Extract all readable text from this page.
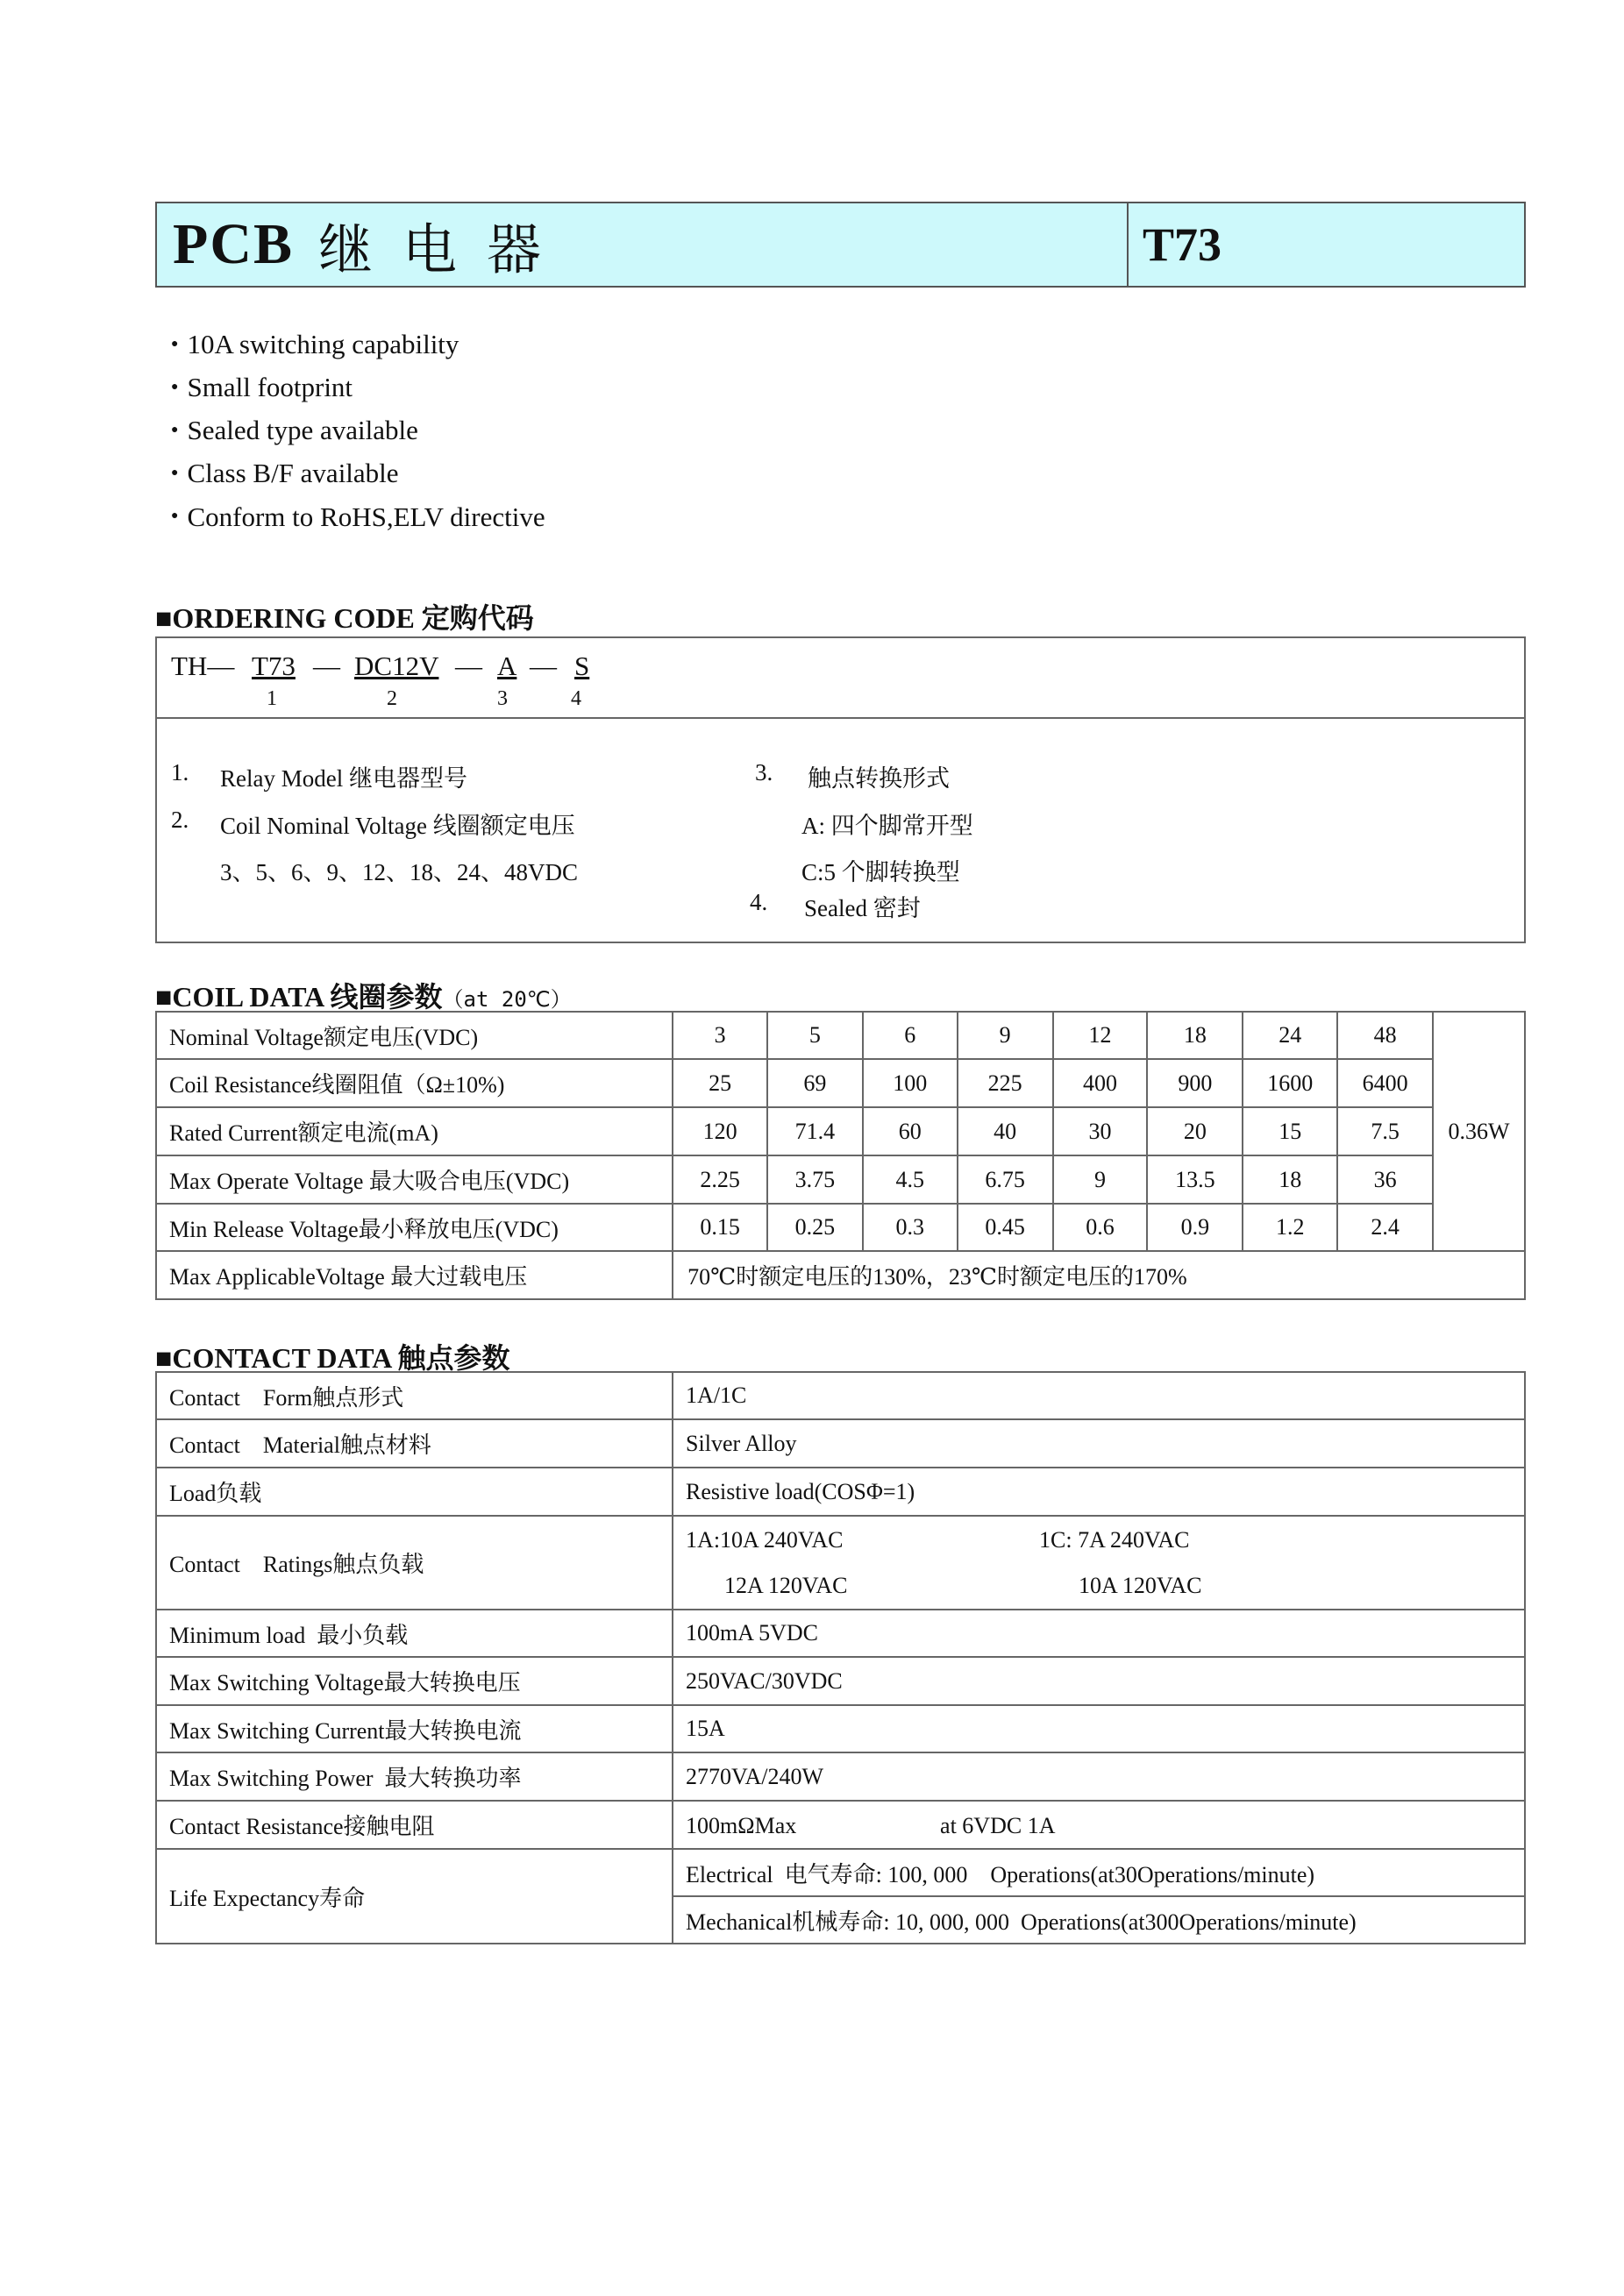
PCB 继电器	T73
● 10A switching capability
● Small footprint
● Sealed type available
● Class B/F available
● Conform to RoHS,ELV directive
■ORDERING CODE 定购代码
TH— T73 — DC12V — A — S
1	2	3	4
1. Relay Model 继电器型号
2. Coil Nominal Voltage 线圈额定电压
3、5、6、9、12、18、24、48VDC
3. 触点转换形式
A: 四个脚常开型
C:5 个脚转换型
4. Sealed 密封
■COIL DATA 线圈参数（at 20℃）
Nominal Voltage额定电压(VDC)	3	5	6	9	12	18	24	48	0.36W
Coil Resistance线圈阻值（Ω±10%)	25	69	100	225	400	900	1600	6400	
Rated Current额定电流(mA)	120	71.4	60	40	30	20	15	7.5	
Max Operate Voltage 最大吸合电压(VDC)	2.25	3.75	4.5	6.75	9	13.5	18	36	
Min Release Voltage最小释放电压(VDC)	0.15	0.25	0.3	0.45	0.6	0.9	1.2	2.4	
Max ApplicableVoltage 最大过载电压	70℃时额定电压的130%，23℃时额定电压的170%								
■CONTACT DATA 触点参数
Contact    Form触点形式	1A/1C
Contact    Material触点材料	Silver Alloy
Load负载	Resistive load(COSΦ=1)
Contact    Ratings触点负载	1A:10A 240VAC 1C: 7A 240VAC
12A 120VAC 10A 120VAC

Minimum load  最小负载	100mA 5VDC
Max Switching Voltage最大转换电压	250VAC/30VDC
Max Switching Current最大转换电流	15A
Max Switching Power  最大转换功率	2770VA/240W
Contact Resistance接触电阻	100mΩMax at 6VDC 1A

Life Expectancy寿命	Electrical  电气寿命: 100, 000    Operations(at30Operations/minute)
	Mechanical机械寿命: 10, 000, 000  Operations(at300Operations/minute)
